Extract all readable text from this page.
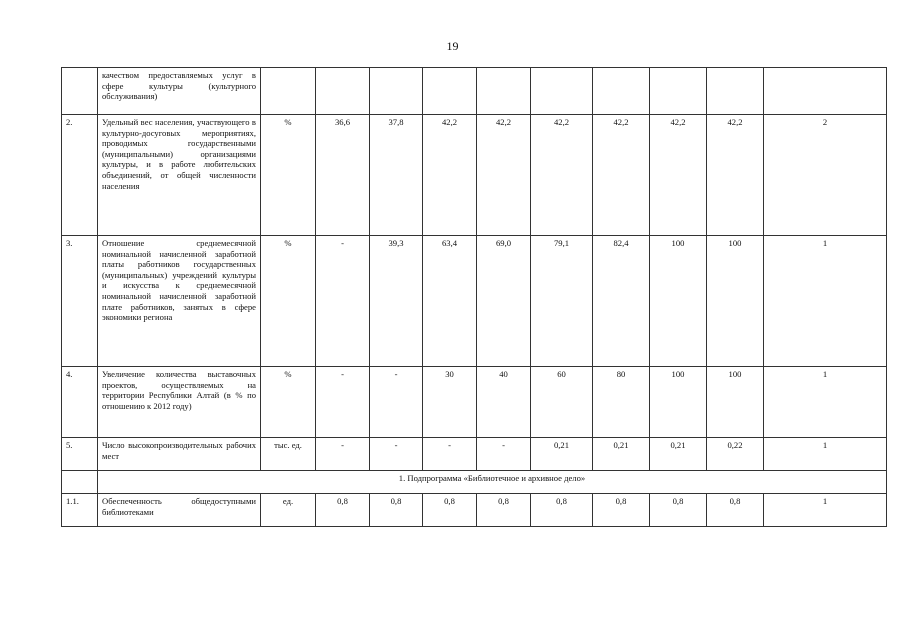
19
	качеством предоставляемых услуг в сфере культуры (культурного обслуживания)										
2.	Удельный вес населения, участвующего в культурно-досуговых мероприятиях, проводимых государственными (муниципальными) организациями культуры, и в работе любительских объединений, от общей численности населения	%	36,6	37,8	42,2	42,2	42,2	42,2	42,2	42,2	2
3.	Отношение среднемесячной номинальной начисленной заработной платы работников государственных (муниципальных) учреждений культуры и искусства к среднемесячной номинальной начисленной заработной плате работников, занятых в сфере экономики региона	%	-	39,3	63,4	69,0	79,1	82,4	100	100	1
4.	Увеличение количества выставочных проектов, осуществляемых на территории Республики Алтай (в % по отношению к 2012 году)	%	-	-	30	40	60	80	100	100	1
5.	Число высокопроизводительных рабочих мест	тыс. ед.	-	-	-	-	0,21	0,21	0,21	0,22	1
	1. Подпрограмма «Библиотечное и архивное дело»										
1.1.	Обеспеченность общедоступными библиотеками	ед.	0,8	0,8	0,8	0,8	0,8	0,8	0,8	0,8	1
